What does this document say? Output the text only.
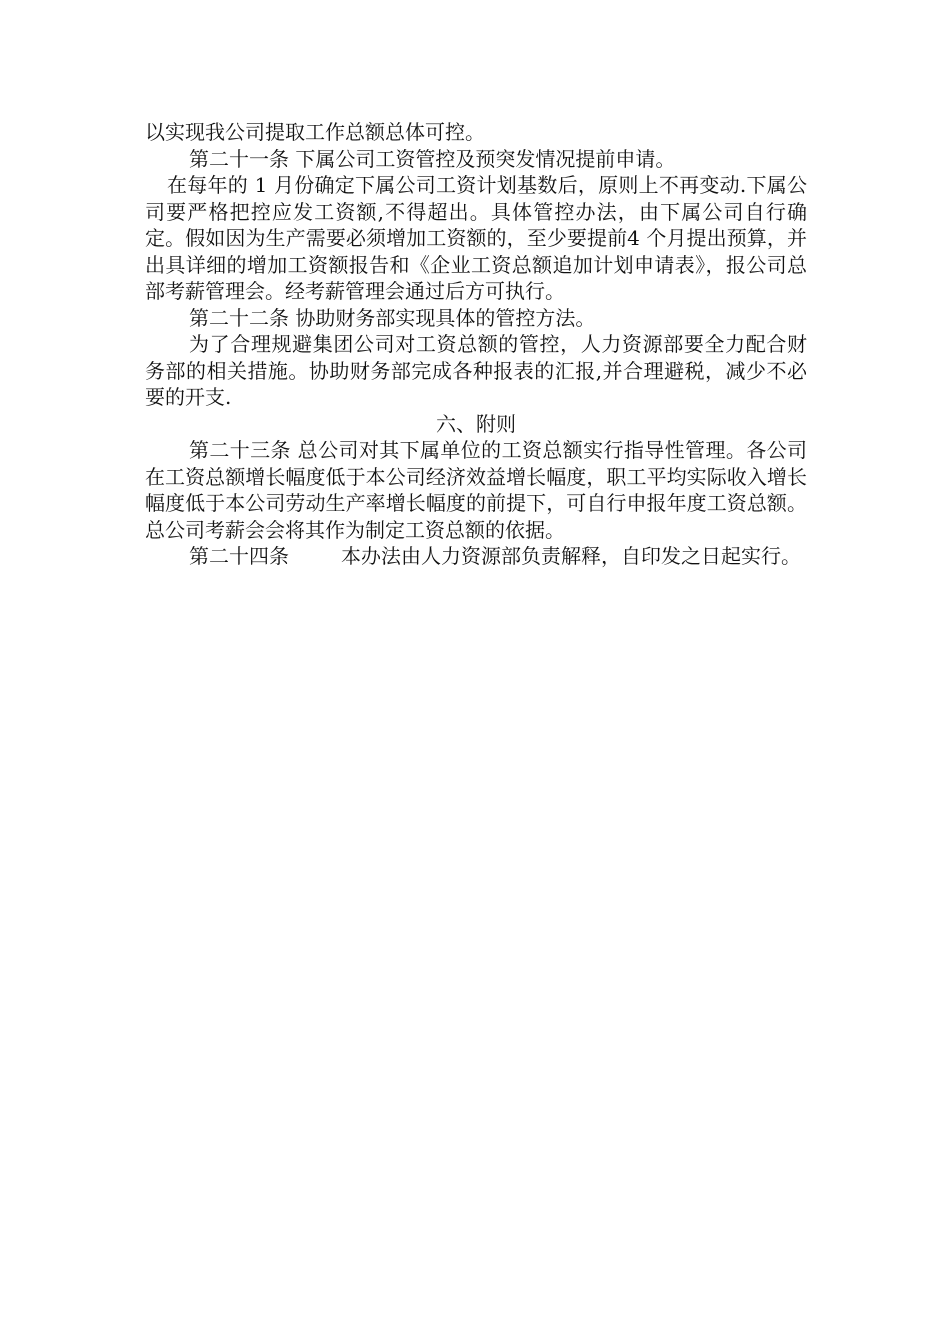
以实现我公司提取工作总额总体可控。

第二十一条 下属公司工资管控及预突发情况提前申请。

在每年的 1 月份确定下属公司工资计划基数后，原则上不再变动.下属公司要严格把控应发工资额,不得超出。具体管控办法，由下属公司自行确定。假如因为生产需要必须增加工资额的，至少要提前4 个月提出预算，并出具详细的增加工资额报告和《企业工资总额追加计划申请表》，报公司总部考薪管理会。经考薪管理会通过后方可执行。

第二十二条 协助财务部实现具体的管控方法。

为了合理规避集团公司对工资总额的管控，人力资源部要全力配合财务部的相关措施。协助财务部完成各种报表的汇报,并合理避税，减少不必要的开支.

六、附则

第二十三条 总公司对其下属单位的工资总额实行指导性管理。各公司在工资总额增长幅度低于本公司经济效益增长幅度，职工平均实际收入增长幅度低于本公司劳动生产率增长幅度的前提下，可自行申报年度工资总额。总公司考薪会会将其作为制定工资总额的依据。

第二十四条	本办法由人力资源部负责解释，自印发之日起实行。
